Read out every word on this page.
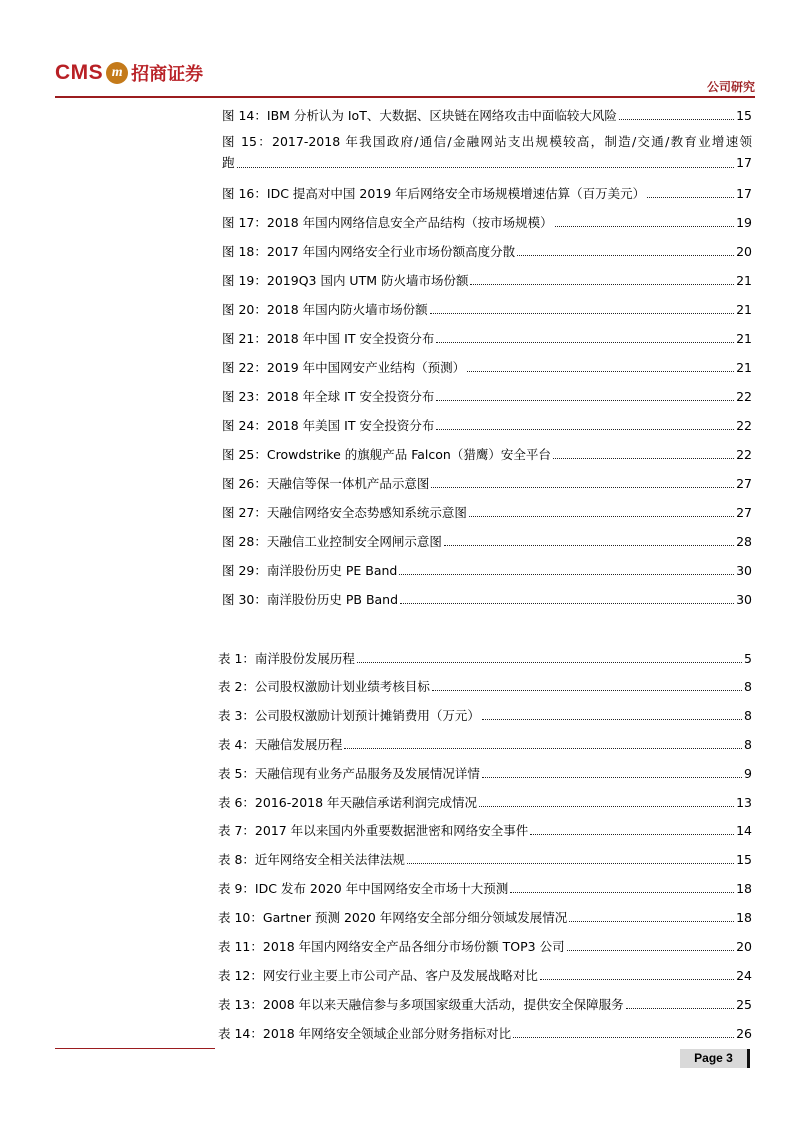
CMS m 招商证券
公司研究
图 14：IBM 分析认为 IoT、大数据、区块链在网络攻击中面临较大风险	15
图 15：2017-2018 年我国政府/通信/金融网站支出规模较高，制造/交通/教育业增速领
跑	17
图 16：IDC 提高对中国 2019 年后网络安全市场规模增速估算（百万美元）	17
图 17：2018 年国内网络信息安全产品结构（按市场规模）	19
图 18：2017 年国内网络安全行业市场份额高度分散	20
图 19：2019Q3 国内 UTM 防火墙市场份额	21
图 20：2018 年国内防火墙市场份额	21
图 21：2018 年中国 IT 安全投资分布	21
图 22：2019 年中国网安产业结构（预测）	21
图 23：2018 年全球 IT 安全投资分布	22
图 24：2018 年美国 IT 安全投资分布	22
图 25：Crowdstrike 的旗舰产品 Falcon（猎鹰）安全平台	22
图 26：天融信等保一体机产品示意图	27
图 27：天融信网络安全态势感知系统示意图	27
图 28：天融信工业控制安全网闸示意图	28
图 29：南洋股份历史 PE Band	30
图 30：南洋股份历史 PB Band	30
表 1：南洋股份发展历程	5
表 2：公司股权激励计划业绩考核目标	8
表 3：公司股权激励计划预计摊销费用（万元）	8
表 4：天融信发展历程	8
表 5：天融信现有业务产品服务及发展情况详情	9
表 6：2016-2018 年天融信承诺利润完成情况	13
表 7：2017 年以来国内外重要数据泄密和网络安全事件	14
表 8：近年网络安全相关法律法规	15
表 9：IDC 发布 2020 年中国网络安全市场十大预测	18
表 10：Gartner 预测 2020 年网络安全部分细分领域发展情况	18
表 11：2018 年国内网络安全产品各细分市场份额 TOP3 公司	20
表 12：网安行业主要上市公司产品、客户及发展战略对比	24
表 13：2008 年以来天融信参与多项国家级重大活动，提供安全保障服务	25
表 14：2018 年网络安全领域企业部分财务指标对比	26
Page 3
